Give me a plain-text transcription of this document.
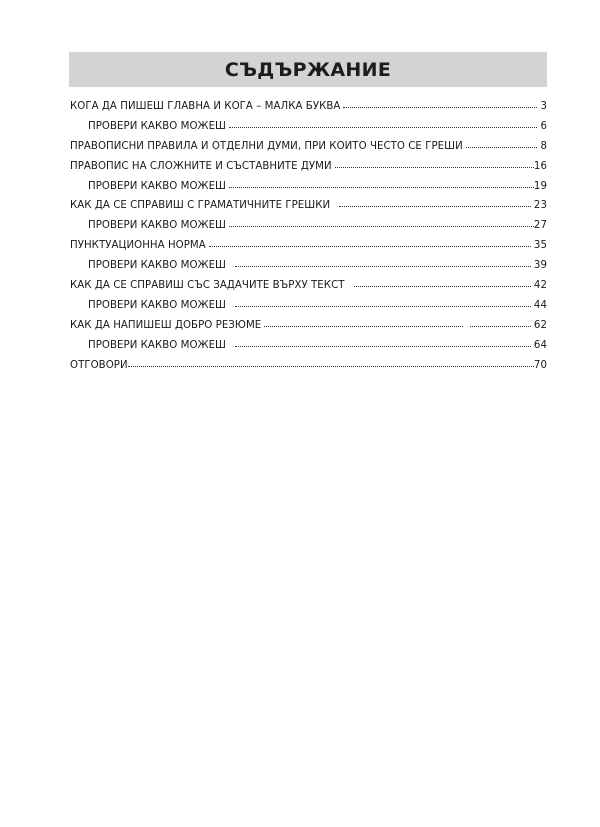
СЪДЪРЖАНИЕ
КОГА ДА ПИШЕШ ГЛАВНА И КОГА – МАЛКА БУКВА	3
ПРОВЕРИ КАКВО МОЖЕШ	6
ПРАВОПИСНИ ПРАВИЛА И ОТДЕЛНИ ДУМИ, ПРИ КОИТО ЧЕСТО СЕ ГРЕШИ	8
ПРАВОПИС НА СЛОЖНИТЕ И СЪСТАВНИТЕ ДУМИ	16
ПРОВЕРИ КАКВО МОЖЕШ	19
КАК ДА СЕ СПРАВИШ С ГРАМАТИЧНИТЕ ГРЕШКИ	23
ПРОВЕРИ КАКВО МОЖЕШ	27
ПУНКТУАЦИОННА НОРМА	35
ПРОВЕРИ КАКВО МОЖЕШ	39
КАК ДА СЕ СПРАВИШ СЪС ЗАДАЧИТЕ ВЪРХУ ТЕКСТ	42
ПРОВЕРИ КАКВО МОЖЕШ	44
КАК ДА НАПИШЕШ ДОБРО РЕЗЮМЕ	62
ПРОВЕРИ КАКВО МОЖЕШ	64
ОТГОВОРИ	70
